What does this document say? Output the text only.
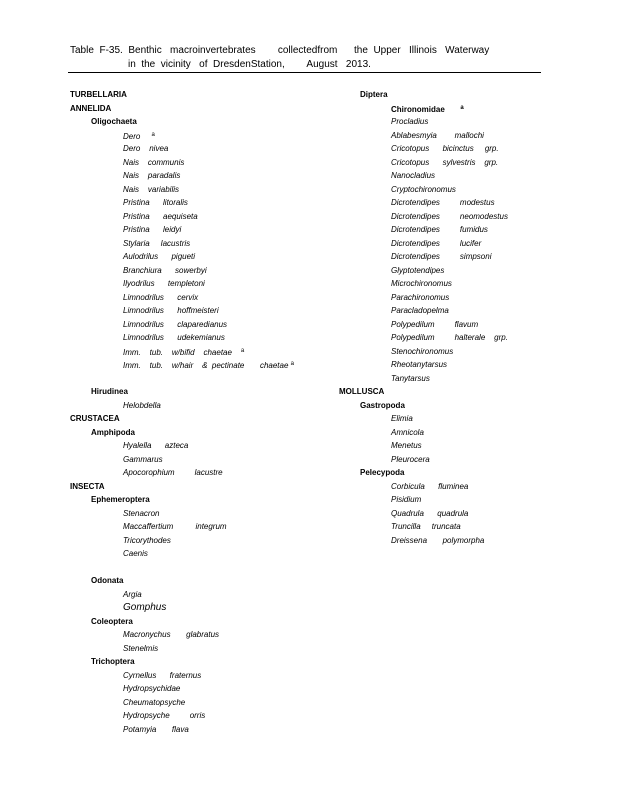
Table  F-35.  Benthic   macroinvertebrates        collectedfrom      the  Upper   Illinois   Waterway
in  the  vicinity   of  DresdenStation,        August   2013.
TURBELLARIA
ANNELIDA
Oligochaeta
Dero $^a$
Dero    nivea
Nais    communis
Nais    paradalis
Nais    variabilis
Pristina      litoralis
Pristina      aequiseta
Pristina      leidyi
Stylaria     lacustris
Aulodrilus      pigueti
Branchiura      sowerbyi
Ilyodrilus      templetoni
Limnodrilus      cervix
Limnodrilus      hoffmeisteri
Limnodrilus      claparedianus
Limnodrilus      udekemianus
Imm.    tub.    w/bifid    chaetae $^a$
Imm.    tub.    w/hair    &  pectinate       chaetae $^a$
Hirudinea
Helobdella
CRUSTACEA
Amphipoda
Hyalella      azteca
Gammarus
Apocorophium         lacustre
INSECTA
Ephemeroptera
Stenacron
Maccaffertium          integrum
Tricorythodes
Caenis
Odonata
Argia
Gomphus
Coleoptera
Macronychus       glabratus
Stenelmis
Trichoptera
Cyrnellus      fraternus
Hydropsychidae
Cheumatopsyche
Hydropsyche         orris
Potamyia       flava
Diptera
Chironomidae	$^a$
Procladius
Ablabesmyia        mallochi
Cricotopus      bicinctus     grp.
Cricotopus      sylvestris    grp.
Nanocladius
Cryptochironomus
Dicrotendipes         modestus
Dicrotendipes         neomodestus
Dicrotendipes         fumidus
Dicrotendipes         lucifer
Dicrotendipes         simpsoni
Glyptotendipes
Microchironomus
Parachironomus
Paracladopelma
Polypedilum         flavum
Polypedilum         halterale    grp.
Stenochironomus
Rheotanytarsus
Tanytarsus
MOLLUSCA
Gastropoda
Elimia
Amnicola
Menetus
Pleurocera
Pelecypoda
Corbicula      fluminea
Pisidium
Quadrula      quadrula
Truncilla     truncata
Dreissena       polymorpha
